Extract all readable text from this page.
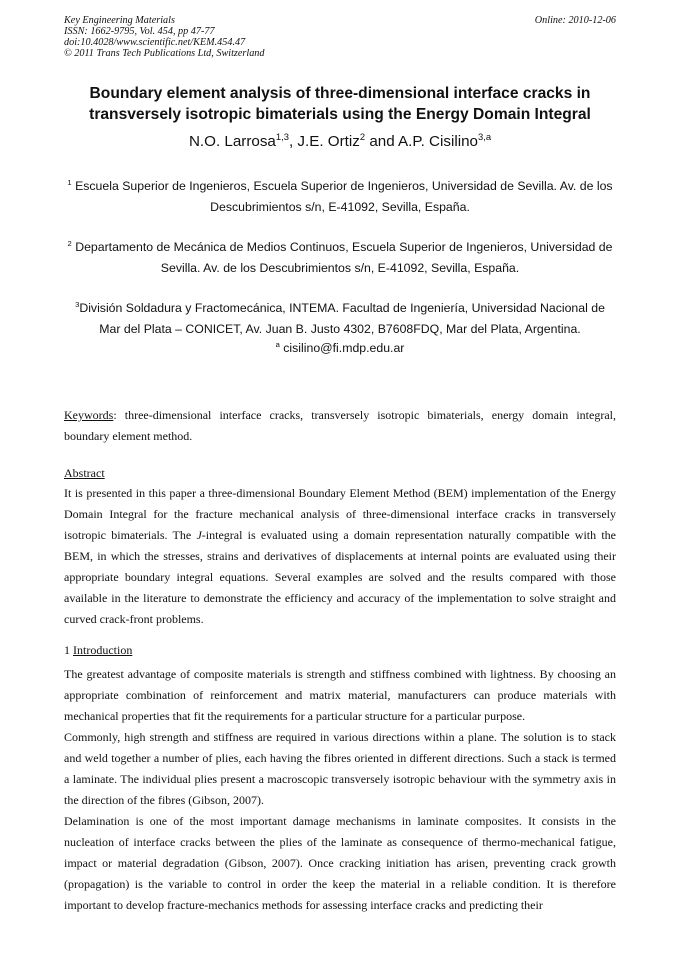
Key Engineering Materials
ISSN: 1662-9795, Vol. 454, pp 47-77
doi:10.4028/www.scientific.net/KEM.454.47
© 2011 Trans Tech Publications Ltd, Switzerland
Online: 2010-12-06
Boundary element analysis of three-dimensional interface cracks in
transversely isotropic bimaterials using the Energy Domain Integral
N.O. Larrosa$^{1,3}$, J.E. Ortiz$^2$ and A.P. Cisilino$^{3,a}$
$^1$ Escuela Superior de Ingenieros, Escuela Superior de Ingenieros, Universidad de Sevilla. Av. de los Descubrimientos s/n, E-41092, Sevilla, España.
$^2$ Departamento de Mecánica de Medios Continuos, Escuela Superior de Ingenieros, Universidad de Sevilla. Av. de los Descubrimientos s/n, E-41092, Sevilla, España.
$^3$División Soldadura y Fractomecánica, INTEMA. Facultad de Ingeniería, Universidad Nacional de Mar del Plata – CONICET, Av. Juan B. Justo 4302, B7608FDQ, Mar del Plata, Argentina.
$^a$ cisilino@fi.mdp.edu.ar
Keywords: three-dimensional interface cracks, transversely isotropic bimaterials, energy domain integral, boundary element method.
Abstract
It is presented in this paper a three-dimensional Boundary Element Method (BEM) implementation of the Energy Domain Integral for the fracture mechanical analysis of three-dimensional interface cracks in transversely isotropic bimaterials. The J-integral is evaluated using a domain representation naturally compatible with the BEM, in which the stresses, strains and derivatives of displacements at internal points are evaluated using their appropriate boundary integral equations. Several examples are solved and the results compared with those available in the literature to demonstrate the efficiency and accuracy of the implementation to solve straight and curved crack-front problems.
1 Introduction

The greatest advantage of composite materials is strength and stiffness combined with lightness. By choosing an appropriate combination of reinforcement and matrix material, manufacturers can produce materials with mechanical properties that fit the requirements for a particular structure for a particular purpose.

Commonly, high strength and stiffness are required in various directions within a plane. The solution is to stack and weld together a number of plies, each having the fibres oriented in different directions. Such a stack is termed a laminate. The individual plies present a macroscopic transversely isotropic behaviour with the symmetry axis in the direction of the fibres (Gibson, 2007).

Delamination is one of the most important damage mechanisms in laminate composites. It consists in the nucleation of interface cracks between the plies of the laminate as consequence of thermo-mechanical fatigue, impact or material degradation (Gibson, 2007). Once cracking initiation has arisen, preventing crack growth (propagation) is the variable to control in order the keep the material in a reliable condition. It is therefore important to develop fracture-mechanics methods for assessing interface cracks and predicting their
